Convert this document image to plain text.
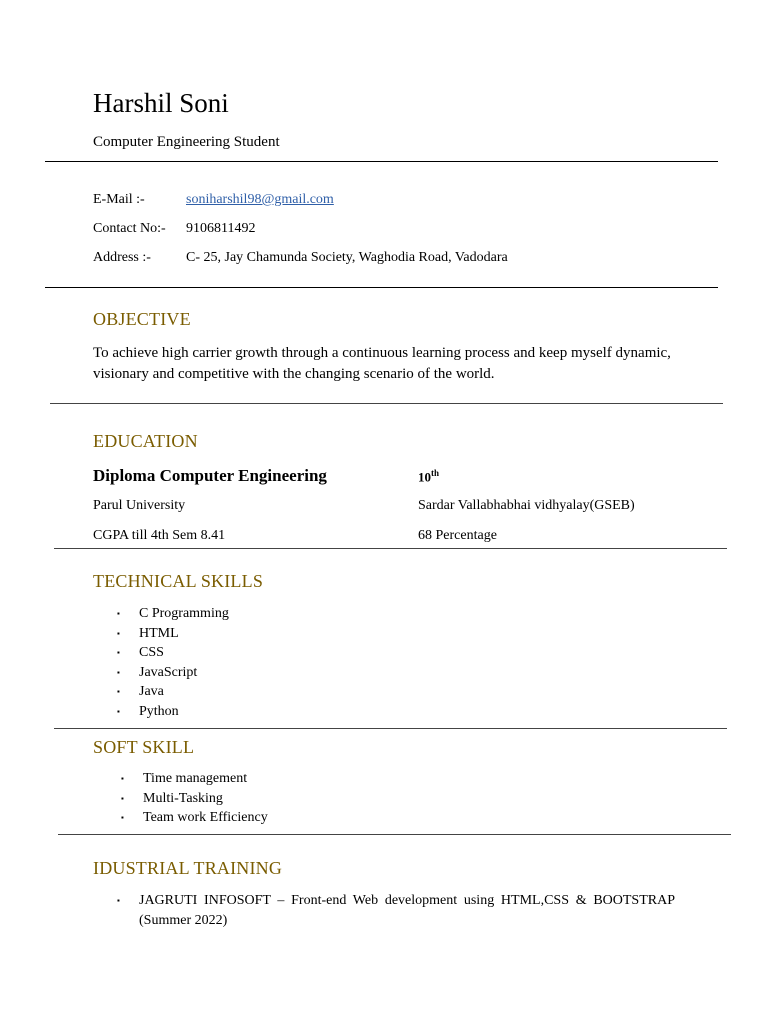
Harshil Soni
Computer Engineering Student
E-Mail :-	soniharshil98@gmail.com
Contact No:- 9106811492
Address :-	C- 25, Jay Chamunda Society, Waghodia Road, Vadodara
OBJECTIVE
To achieve high carrier growth through a continuous learning process and keep myself dynamic, visionary and competitive with the changing scenario of the world.
EDUCATION
Diploma Computer Engineering	10th
Parul University	Sardar Vallabhabhai vidhyalay(GSEB)
CGPA till 4th Sem 8.41	68 Percentage
TECHNICAL SKILLS
▪ C Programming
▪ HTML
▪ CSS
▪ JavaScript
▪ Java
▪ Python
SOFT SKILL
▪ Time management
▪ Multi-Tasking
▪ Team work Efficiency
IDUSTRIAL TRAINING
▪ JAGRUTI INFOSOFT – Front-end Web development using HTML,CSS & BOOTSTRAP (Summer 2022)
